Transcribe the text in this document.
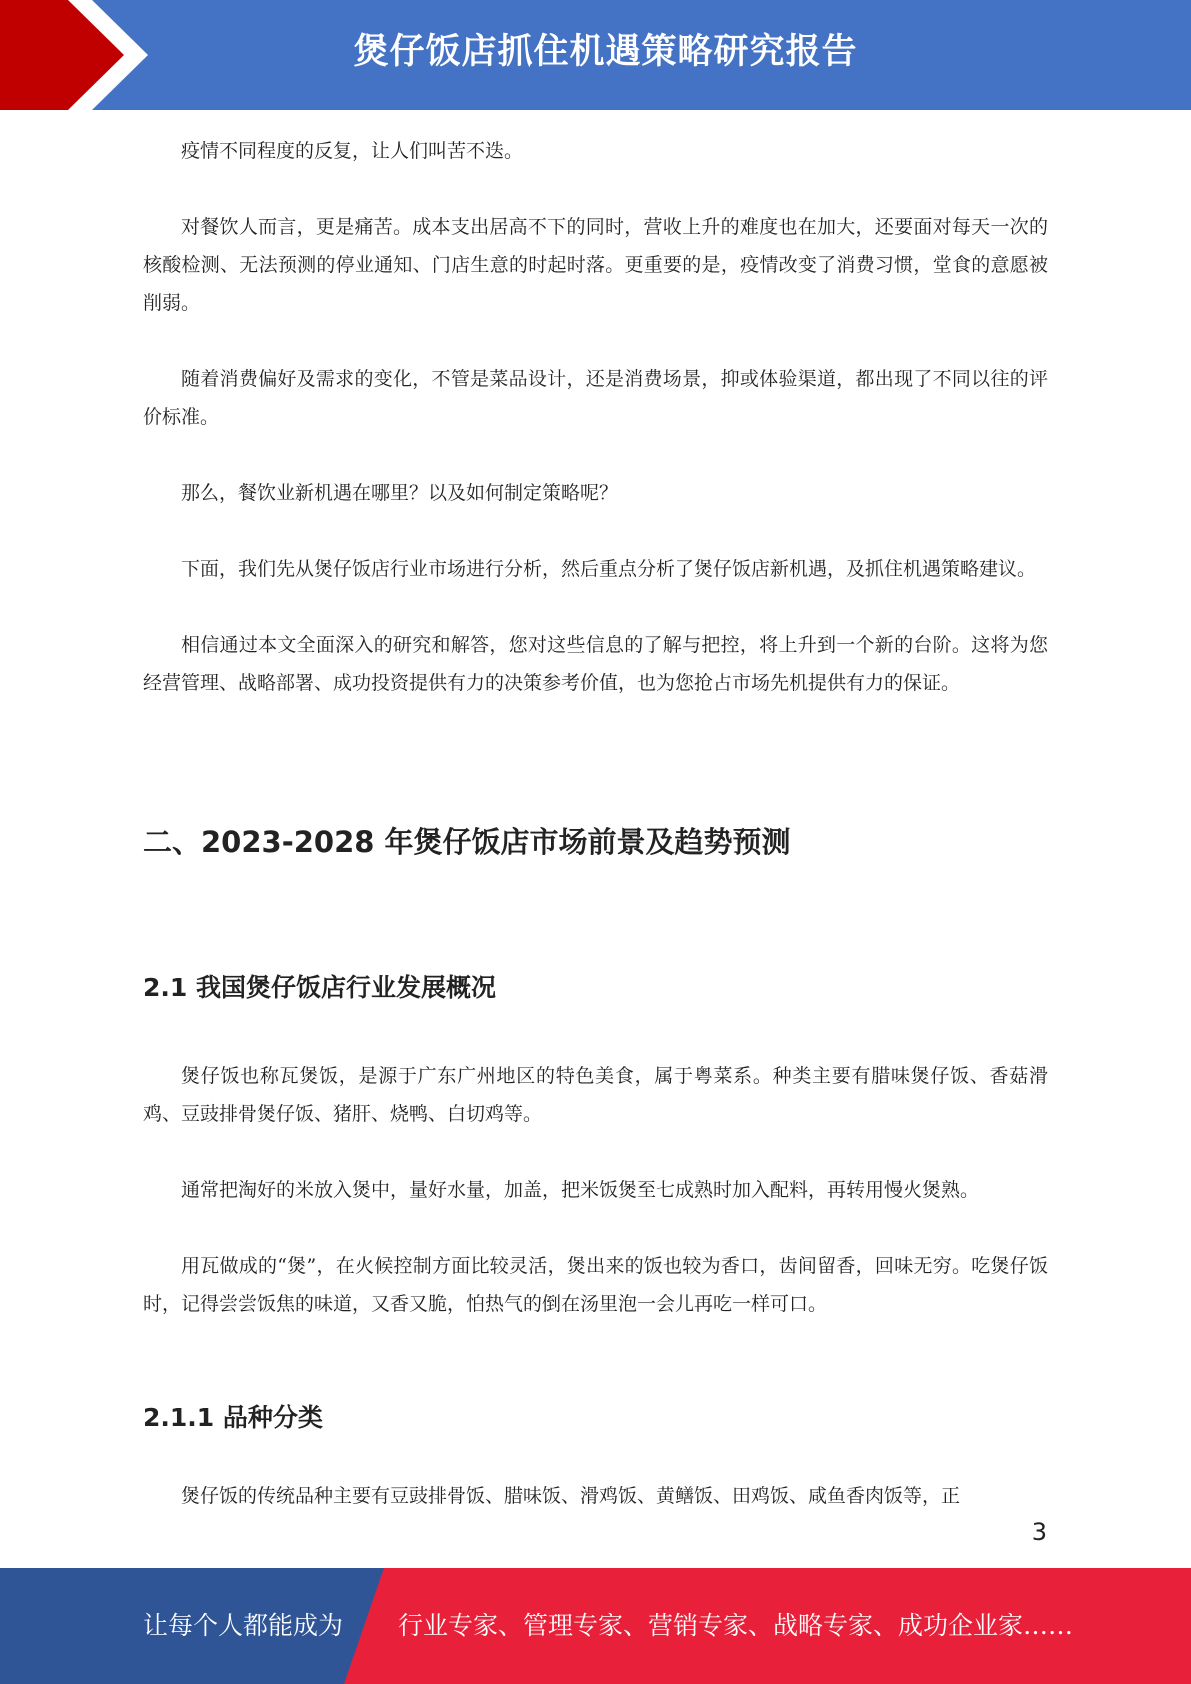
煲仔饭店抓住机遇策略研究报告

疫情不同程度的反复，让人们叫苦不迭。

对餐饮人而言，更是痛苦。成本支出居高不下的同时，营收上升的难度也在加大，还要面对每天一次的核酸检测、无法预测的停业通知、门店生意的时起时落。更重要的是，疫情改变了消费习惯，堂食的意愿被削弱。

随着消费偏好及需求的变化，不管是菜品设计，还是消费场景，抑或体验渠道，都出现了不同以往的评价标准。

那么，餐饮业新机遇在哪里？以及如何制定策略呢？

下面，我们先从煲仔饭店行业市场进行分析，然后重点分析了煲仔饭店新机遇，及抓住机遇策略建议。

相信通过本文全面深入的研究和解答，您对这些信息的了解与把控，将上升到一个新的台阶。这将为您经营管理、战略部署、成功投资提供有力的决策参考价值，也为您抢占市场先机提供有力的保证。

二、2023-2028 年煲仔饭店市场前景及趋势预测
2.1 我国煲仔饭店行业发展概况

煲仔饭也称瓦煲饭，是源于广东广州地区的特色美食，属于粤菜系。种类主要有腊味煲仔饭、香菇滑鸡、豆豉排骨煲仔饭、猪肝、烧鸭、白切鸡等。

通常把淘好的米放入煲中，量好水量，加盖，把米饭煲至七成熟时加入配料，再转用慢火煲熟。

用瓦做成的“煲”，在火候控制方面比较灵活，煲出来的饭也较为香口，齿间留香，回味无穷。吃煲仔饭时，记得尝尝饭焦的味道，又香又脆，怕热气的倒在汤里泡一会儿再吃一样可口。

2.1.1 品种分类

煲仔饭的传统品种主要有豆豉排骨饭、腊味饭、滑鸡饭、黄鳝饭、田鸡饭、咸鱼香肉饭等，正

3
让每个人都能成为 行业专家、管理专家、营销专家、战略专家、成功企业家……
